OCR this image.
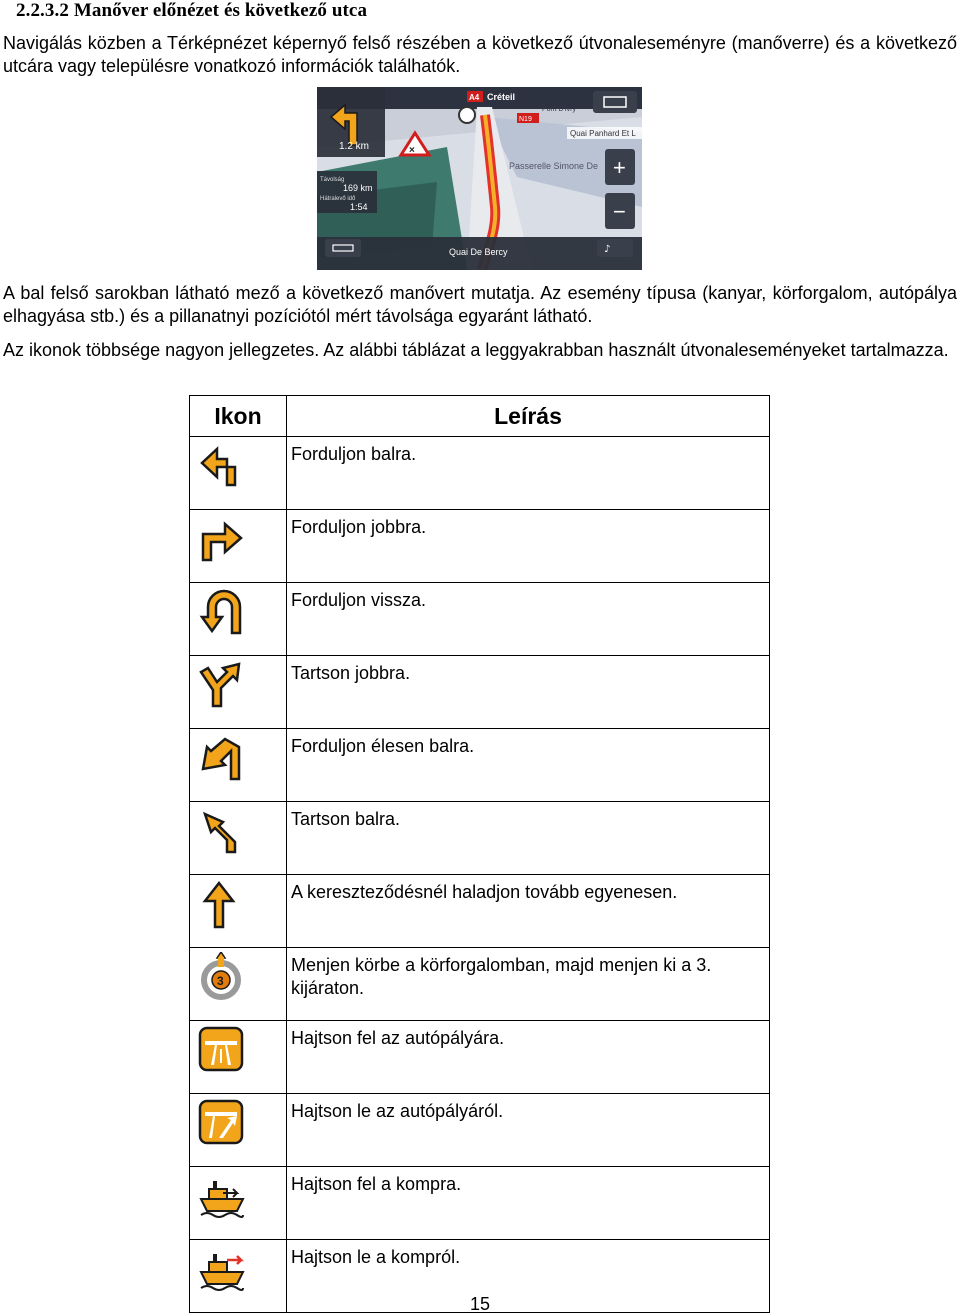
2.2.3.2 Manőver előnézet és következő utca
Navigálás közben a Térképnézet képernyő felső részében a következő útvonaleseményre (manőverre) és a következő utcára vagy településre vonatkozó információk találhatók.
1.2 km
Távolság
169 km
Hátralevő idő
1:54
×
A4 Créteil
N19
Pont D'Ivry
Quai Panhard Et L
Passerelle Simone De +
−
♪
Quai De Bercy
A bal felső sarokban látható mező a következő manővert mutatja. Az esemény típusa (kanyar, körforgalom, autópálya elhagyása stb.) és a pillanatnyi pozíciótól mért távolsága egyaránt látható.
Az ikonok többsége nagyon jellegzetes. Az alábbi táblázat a leggyakrabban használt útvonaleseményeket tartalmazza.
Ikon	Leírás

	Forduljon balra.

	Forduljon jobbra.

	Forduljon vissza.

	Tartson jobbra.

	Forduljon élesen balra.

	Tartson balra.

	A kereszteződésnél haladjon tovább egyenesen.

3	Menjen körbe a körforgalomban, majd menjen ki a 3. kijáraton.

	Hajtson fel az autópályára.

	Hajtson le az autópályáról.

	Hajtson fel a kompra.

	Hajtson le a kompról.
15
